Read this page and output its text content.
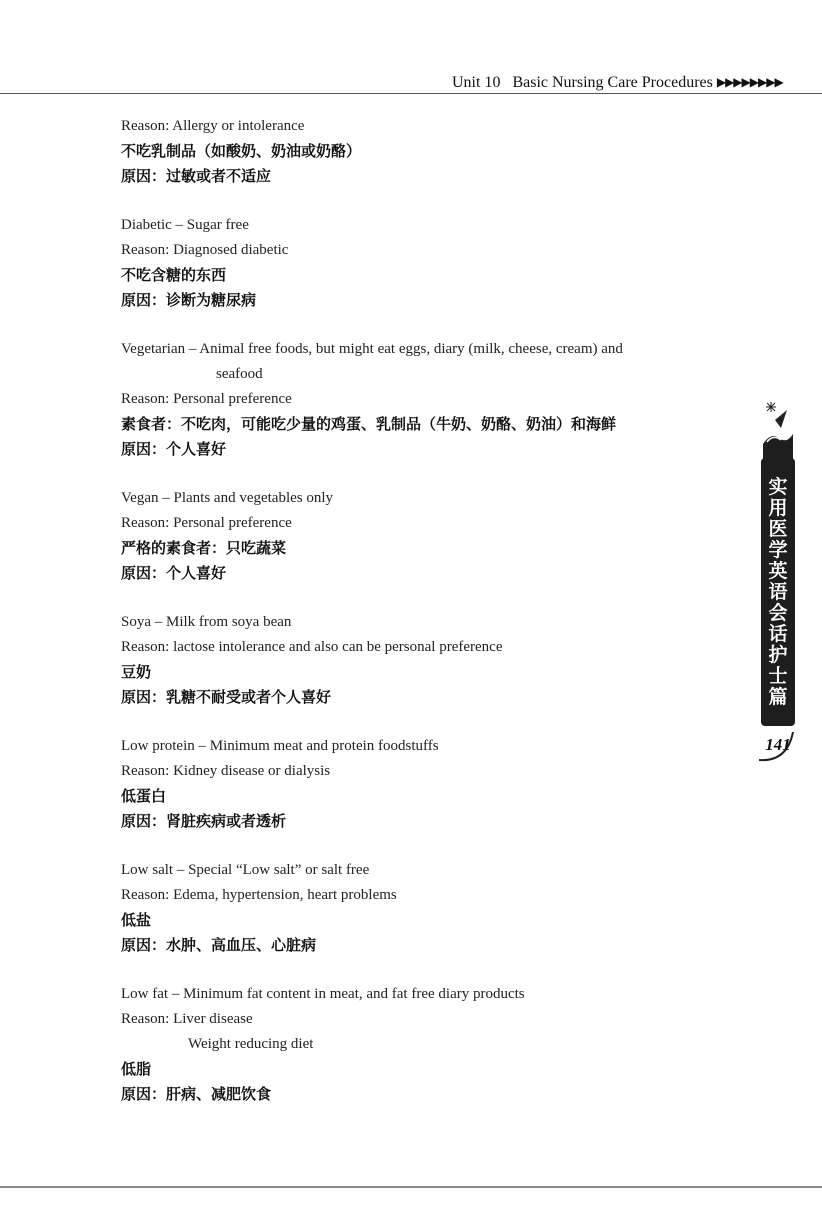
Unit 10 Basic Nursing Care Procedures ▶▶▶▶▶▶▶▶
Reason: Allergy or intolerance
不吃乳制品（如酸奶、奶油或奶酪）
原因：过敏或者不适应
Diabetic – Sugar free
Reason: Diagnosed diabetic
不吃含糖的东西
原因：诊断为糖尿病
Vegetarian – Animal free foods, but might eat eggs, diary (milk, cheese, cream) and
seafood
Reason: Personal preference
素食者：不吃肉，可能吃少量的鸡蛋、乳制品（牛奶、奶酪、奶油）和海鲜
原因：个人喜好
Vegan – Plants and vegetables only
Reason: Personal preference
严格的素食者：只吃蔬菜
原因：个人喜好
Soya – Milk from soya bean
Reason: lactose intolerance and also can be personal preference
豆奶
原因：乳糖不耐受或者个人喜好
Low protein – Minimum meat and protein foodstuffs
Reason: Kidney disease or dialysis
低蛋白
原因：肾脏疾病或者透析
Low salt – Special “Low salt” or salt free
Reason: Edema, hypertension, heart problems
低盐
原因：水肿、高血压、心脏病
Low fat – Minimum fat content in meat, and fat free diary products
Reason: Liver disease
Weight reducing diet
低脂
原因：肝病、减肥饮食
实用医学英语会话 护士篇
141
